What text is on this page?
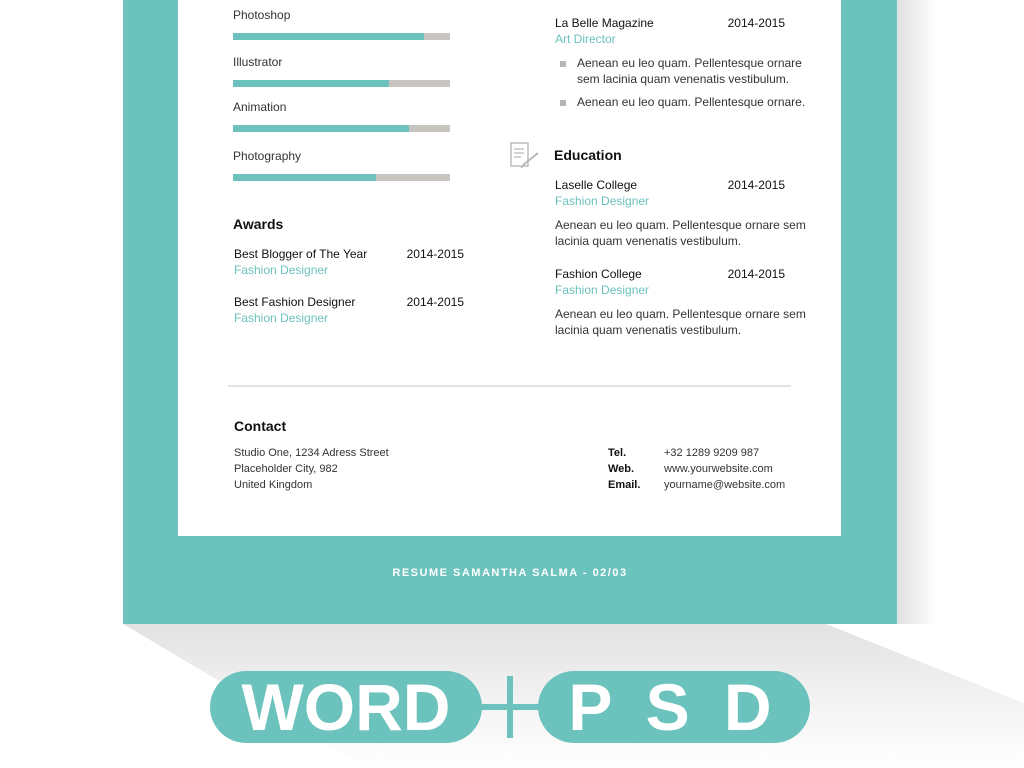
Photoshop
Illustrator
Animation
Photography
Awards
Best Blogger of The Year	2014-2015
Fashion Designer
Best Fashion Designer	2014-2015
Fashion Designer
La Belle Magazine	2014-2015
Art Director
Aenean eu leo quam. Pellentesque ornare
sem lacinia quam venenatis vestibulum.
Aenean eu leo quam. Pellentesque ornare.
Education
Laselle College	2014-2015
Fashion Designer
Aenean eu leo quam. Pellentesque ornare sem
lacinia quam venenatis vestibulum.
Fashion College	2014-2015
Fashion Designer
Aenean eu leo quam. Pellentesque ornare sem
lacinia quam venenatis vestibulum.
Contact
Studio One, 1234 Adress Street
Placeholder City, 982
United Kingdom
Tel.	+32 1289 9209 987
Web.	www.yourwebsite.com
Email. yourname@website.com
RESUME SAMANTHA SALMA - 02/03
WORD	P S D
